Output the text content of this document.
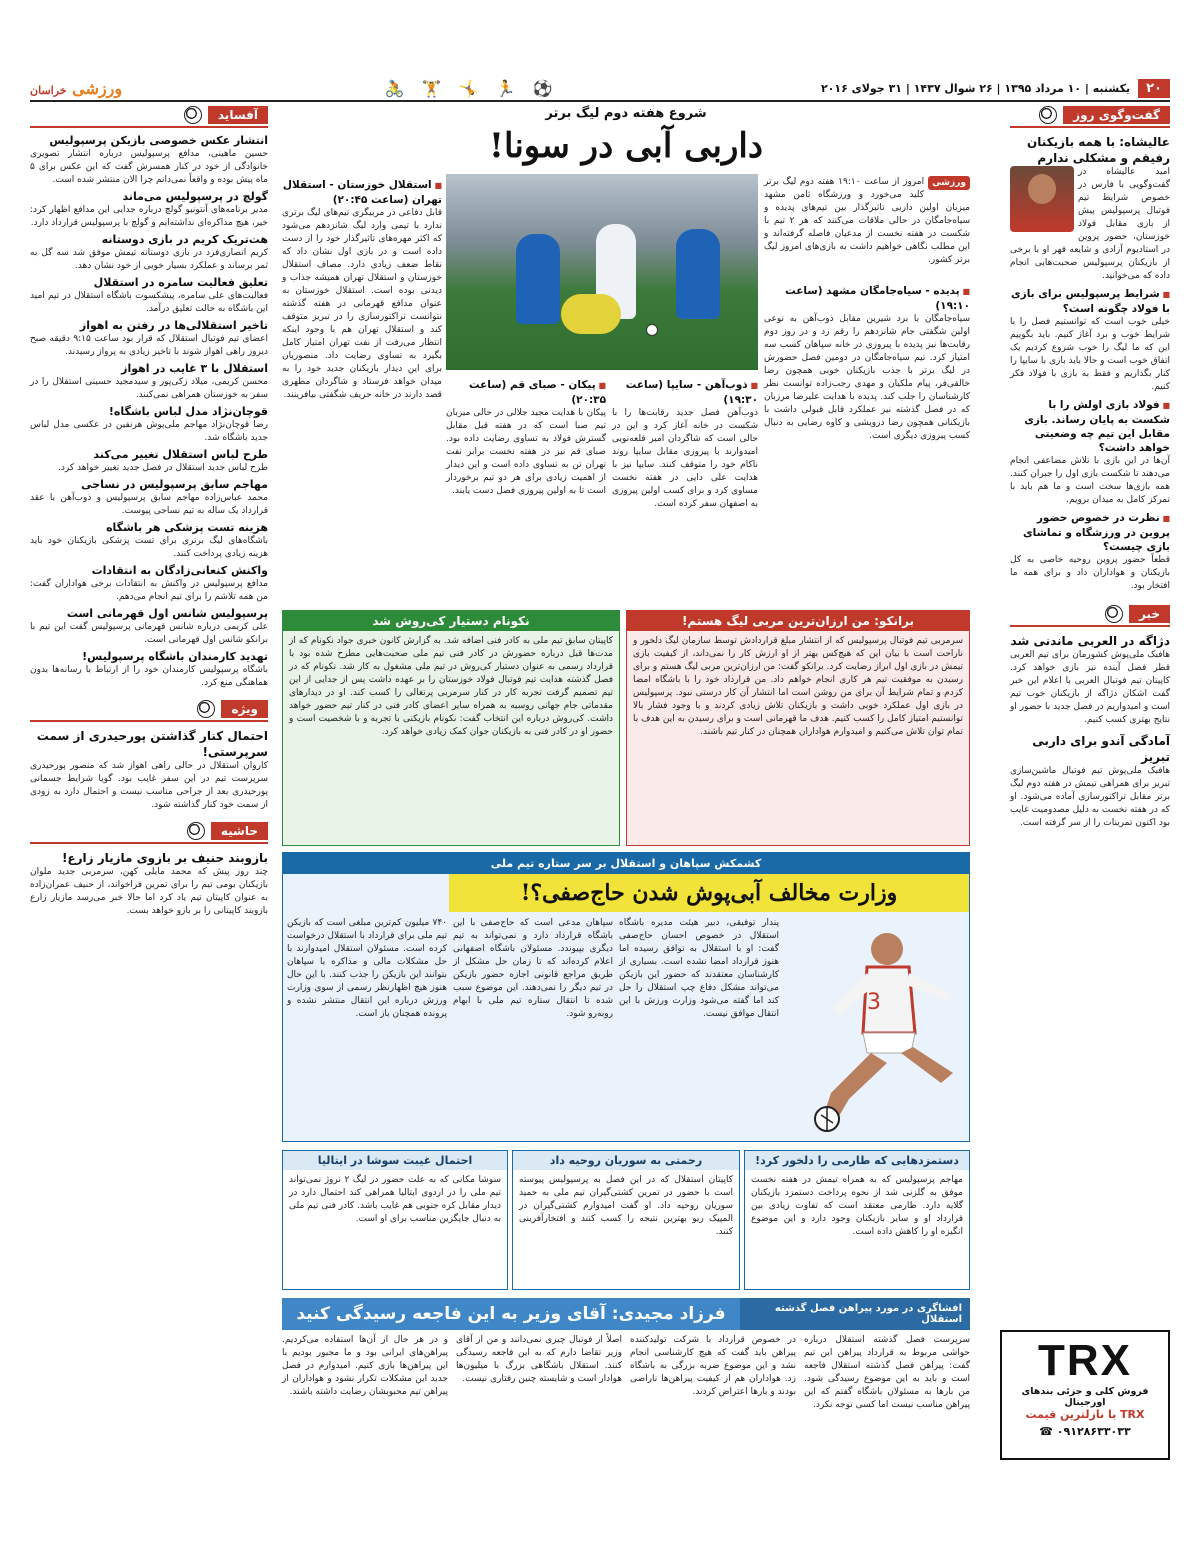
۲۰
یکشنبه | ۱۰ مرداد ۱۳۹۵ | ۲۶ شوال ۱۴۳۷ | ۳۱ جولای ۲۰۱۶
⚽ 🏃 🤸 🏋 🚴
ورزشی خراسان
گفت‌وگوی روز
عالیشاه: با همه بازیکنان رفیقم و مشکلی ندارم
امید عالیشاه در گفت‌وگویی با فارس در خصوص شرایط تیم فوتبال پرسپولیس پیش از بازی مقابل فولاد خوزستان، حضور پروین در استادیوم آزادی و شایعه قهر او با برخی از بازیکنان پرسپولیس صحبت‌هایی انجام داده که می‌خوانید.
■ شرایط پرسپولیس برای بازی با فولاد چگونه است؟
خیلی خوب است که توانستیم فصل را با شرایط خوب و برد آغاز کنیم. باید بگوییم این که ما لیگ را خوب شروع کردیم یک اتفاق خوب است و حالا باید بازی با سایپا را کنار بگذاریم و فقط به بازی با فولاد فکر کنیم.
■ فولاد بازی اولش را با شکست به پایان رساند. بازی مقابل این تیم چه وضعیتی خواهد داشت؟
آن‌ها در این بازی با تلاش مضاعفی انجام می‌دهند تا شکست بازی اول را جبران کنند. همه بازی‌ها سخت است و ما هم باید با تمرکز کامل به میدان برویم.
■ نظرت در خصوص حضور پروین در ورزشگاه و تماشای بازی چیست؟
قطعاً حضور پروین روحیه خاصی به کل بازیکنان و هواداران داد و برای همه ما افتخار بود.
خبر
دژاگه در العربی ماندنی شد
هافبک ملی‌پوش کشورمان برای تیم العربی قطر فصل آینده نیز بازی خواهد کرد. کاپیتان تیم فوتبال العربی با اعلام این خبر گفت اشکان دژاگه از بازیکنان خوب تیم است و امیدواریم در فصل جدید با حضور او نتایج بهتری کسب کنیم.
آمادگی آندو برای داربی تبریز
هافبک ملی‌پوش تیم فوتبال ماشین‌سازی تبریز برای همراهی تیمش در هفته دوم لیگ برتر مقابل تراکتورسازی آماده می‌شود. او که در هفته نخست به دلیل مصدومیت غایب بود اکنون تمرینات را از سر گرفته است.
TRX
فروش کلی و جزئی بندهای اورجینال
TRX با نازلترین قیمت
☎ ۰۹۱۲۸۶۳۳۰۳۳
آفساید
انتشار عکس خصوصی بازیکن پرسپولیس
حسین ماهینی، مدافع پرسپولیس درباره انتشار تصویری خانوادگی از خود در کنار همسرش گفت که این عکس برای ۵ ماه پیش بوده و واقعاً نمی‌دانم چرا الان منتشر شده است.
گولچ در پرسپولیس می‌ماند
مدیر برنامه‌های آنتونیو گولچ درباره جدایی این مدافع اظهار کرد: خیر، هیچ مذاکره‌ای نداشته‌ایم و گولچ با پرسپولیس قرارداد دارد.
هت‌تریک کریم در بازی دوستانه
کریم انصاری‌فرد در بازی دوستانه تیمش موفق شد سه گل به ثمر برساند و عملکرد بسیار خوبی از خود نشان دهد.
تعلیق فعالیت سامره در استقلال
فعالیت‌های علی سامره، پیشکسوت باشگاه استقلال در تیم امید این باشگاه به حالت تعلیق درآمد.
تاخیر استقلالی‌ها در رفتن به اهواز
اعضای تیم فوتبال استقلال که قرار بود ساعت ۹:۱۵ دقیقه صبح دیروز راهی اهواز شوند با تاخیر زیادی به پرواز رسیدند.
استقلال با ۳ غایب در اهواز
محسن کریمی، میلاد زکی‌پور و سیدمجید حسینی استقلال را در سفر به خوزستان همراهی نمی‌کنند.
قوچان‌نژاد مدل لباس باشگاه!
رضا قوچان‌نژاد مهاجم ملی‌پوش هرنفین در عکسی مدل لباس جدید باشگاه شد.
طرح لباس استقلال تغییر می‌کند
طرح لباس جدید استقلال در فصل جدید تغییر خواهد کرد.
مهاجم سابق پرسپولیس در نساجی
محمد عباس‌زاده مهاجم سابق پرسپولیس و ذوب‌آهن با عقد قرارداد یک ساله به تیم نساجی پیوست.
هزینه تست پزشکی هر باشگاه
باشگاه‌های لیگ برتری برای تست پزشکی بازیکنان خود باید هزینه زیادی پرداخت کنند.
واکنش کنعانی‌زادگان به انتقادات
مدافع پرسپولیس در واکنش به انتقادات برخی هواداران گفت: من همه تلاشم را برای تیم انجام می‌دهم.
پرسپولیس شانس اول قهرمانی است
علی کریمی درباره شانس قهرمانی پرسپولیس گفت این تیم با برانکو شانس اول قهرمانی است.
تهدید کارمندان باشگاه پرسپولیس!
باشگاه پرسپولیس کارمندان خود را از ارتباط با رسانه‌ها بدون هماهنگی منع کرد.
ویژه
احتمال کنار گذاشتن پورحیدری از سمت سرپرستی!
کاروان استقلال در حالی راهی اهواز شد که منصور پورحیدری سرپرست تیم در این سفر غایب بود. گویا شرایط جسمانی پورحیدری بعد از جراحی مناسب نیست و احتمال دارد به زودی از سمت خود کنار گذاشته شود.
حاشیه
بازوبند حنیف بر بازوی مازیار زارع!
چند روز پیش که محمد مایلی کهن، سرمربی جدید ملوان بازیکنان بومی تیم را برای تمرین فراخواند، از حنیف عمران‌زاده به عنوان کاپیتان تیم یاد کرد اما حالا خبر می‌رسد مازیار زارع بازوبند کاپیتانی را بر بازو خواهد بست.
شروع هفته دوم لیگ برتر
داربی آبی در سونا!
ورزشی
امروز از ساعت ۱۹:۱۰ هفته دوم لیگ برتر کلید می‌خورد و ورزشگاه ثامن مشهد میزبان اولین داربی تاثیرگذار بین تیم‌های پدیده و سیاه‌جامگان در حالی ملاقات می‌کنند که هر ۲ تیم با شکست در هفته نخست از مدعیان فاصله گرفته‌اند و این مطلب نگاهی خواهیم داشت به بازی‌های امروز لیگ برتر کشور.
■ پدیده - سیاه‌جامگان مشهد (ساعت ۱۹:۱۰)
سیاه‌جامگان با برد شیرین مقابل ذوب‌آهن به نوعی اولین شگفتی جام شانزدهم را رقم زد و در روز دوم رقابت‌ها نیز پدیده با پیروزی در خانه سپاهان کسب سه امتیاز کرد. تیم سیاه‌جامگان در دومین فصل حضورش در لیگ برتر با جذب بازیکنان خوبی همچون رضا خالقی‌فر، پیام ملکیان و مهدی رجب‌زاده توانست نظر کارشناسان را جلب کند. پدیده با هدایت علیرضا مرزبان که در فصل گذشته نیز عملکرد قابل قبولی داشت با بازیکنانی همچون رضا درویشی و کاوه رضایی به دنبال کسب پیروزی دیگری است.
■ ذوب‌آهن - سایپا (ساعت ۱۹:۳۰)
ذوب‌آهن فصل جدید رقابت‌ها را با شکست در خانه آغاز کرد و این در حالی است که شاگردان امیر قلعه‌نویی امیدوارند با پیروزی مقابل سایپا روند ناکام خود را متوقف کنند. سایپا نیز با هدایت علی دایی در هفته نخست مساوی کرد و برای کسب اولین پیروزی به اصفهان سفر کرده است.
■ پیکان - صبای قم (ساعت ۲۰:۳۵)
پیکان با هدایت مجید جلالی در حالی میزبان تیم صبا است که در هفته قبل مقابل گسترش فولاد به تساوی رضایت داده بود. صبای قم نیز در هفته نخست برابر نفت تهران تن به تساوی داده است و این دیدار از اهمیت زیادی برای هر دو تیم برخوردار است تا به اولین پیروزی فصل دست یابند.
■ استقلال خوزستان - استقلال تهران (ساعت ۲۰:۴۵)
قابل دفاعی در مربیگری تیم‌های لیگ برتری ندارد با تیمی وارد لیگ شانزدهم می‌شود که اکثر مهره‌های تاثیرگذار خود را از دست داده است و در بازی اول نشان داد که نقاط ضعف زیادی دارد. مصاف استقلال خوزستان و استقلال تهران همیشه جذاب و دیدنی بوده است. استقلال خوزستان به عنوان مدافع قهرمانی در هفته گذشته نتوانست تراکتورسازی را در تبریز متوقف کند و استقلال تهران هم با وجود اینکه انتظار می‌رفت از نفت تهران امتیاز کامل بگیرد به تساوی رضایت داد. منصوریان برای این دیدار بازیکنان جدید خود را به میدان خواهد فرستاد و شاگردان مطهری قصد دارند در خانه حریف شگفتی بیافرینند.
برانکو: من ارزان‌ترین مربی لیگ هستم!
سرمربی تیم فوتبال پرسپولیس که از انتشار مبلغ قراردادش توسط سازمان لیگ دلخور و ناراحت است با بیان این که هیچ‌کس بهتر از او ارزش کار را نمی‌داند، از کیفیت بازی تیمش در بازی اول ابراز رضایت کرد. برانکو گفت: من ارزان‌ترین مربی لیگ هستم و برای رسیدن به موفقیت تیم هر کاری انجام خواهم داد. من قرارداد خود را با باشگاه امضا کردم و تمام شرایط آن برای من روشن است اما انتشار آن کار درستی نبود. پرسپولیس در بازی اول عملکرد خوبی داشت و بازیکنان تلاش زیادی کردند و با وجود فشار بالا توانستیم امتیاز کامل را کسب کنیم. هدف ما قهرمانی است و برای رسیدن به این هدف با تمام توان تلاش می‌کنیم و امیدوارم هواداران همچنان در کنار تیم باشند.
نکونام دستیار کی‌روش شد
کاپیتان سابق تیم ملی به کادر فنی اضافه شد. به گزارش کانون خبری جواد نکونام که از مدت‌ها قبل درباره حضورش در کادر فنی تیم ملی صحبت‌هایی مطرح شده بود با قرارداد رسمی به عنوان دستیار کی‌روش در تیم ملی مشغول به کار شد. نکونام که در فصل گذشته هدایت تیم فوتبال فولاد خوزستان را بر عهده داشت پس از جدایی از این تیم تصمیم گرفت تجربه کار در کنار سرمربی پرتغالی را کسب کند. او در دیدارهای مقدماتی جام جهانی روسیه به همراه سایر اعضای کادر فنی در کنار تیم حضور خواهد داشت. کی‌روش درباره این انتخاب گفت: نکونام بازیکنی با تجربه و با شخصیت است و حضور او در کادر فنی به بازیکنان جوان کمک زیادی خواهد کرد.
کشمکش سپاهان و استقلال بر سر ستاره تیم ملی
وزارت مخالف آبی‌پوش شدن حاج‌صفی؟!
3
پندار توفیقی، دبیر هیئت مدیره باشگاه استقلال در خصوص احسان حاج‌صفی گفت: او با استقلال به توافق رسیده اما هنوز قرارداد امضا نشده است. بسیاری از کارشناسان معتقدند که حضور این بازیکن می‌تواند مشکل دفاع چپ استقلال را حل کند اما گفته می‌شود وزارت ورزش با این انتقال موافق نیست.
سپاهان مدعی است که حاج‌صفی با این باشگاه قرارداد دارد و نمی‌تواند به تیم دیگری بپیوندد. مسئولان باشگاه اصفهانی اعلام کرده‌اند که تا زمان حل مشکل از طریق مراجع قانونی اجازه حضور بازیکن در تیم دیگر را نمی‌دهند. این موضوع سبب شده تا انتقال ستاره تیم ملی با ابهام روبه‌رو شود.
۷۴۰ میلیون کم‌ترین مبلغی است که بازیکن تیم ملی برای قرارداد با استقلال درخواست کرده است. مسئولان استقلال امیدوارند با حل مشکلات مالی و مذاکره با سپاهان بتوانند این بازیکن را جذب کنند. با این حال هنوز هیچ اظهارنظر رسمی از سوی وزارت ورزش درباره این انتقال منتشر نشده و پرونده همچنان باز است.
دستمزدهایی که طارمی را دلخور کرد!
مهاجم پرسپولیس که به همراه تیمش در هفته نخست موفق به گلزنی شد از نحوه پرداخت دستمزد بازیکنان گلایه دارد. طارمی معتقد است که تفاوت زیادی بین قرارداد او و سایر بازیکنان وجود دارد و این موضوع انگیزه او را کاهش داده است.
رحمتی به سوریان روحیه داد
کاپیتان استقلال که در این فصل به پرسپولیس پیوسته است با حضور در تمرین کشتی‌گیران تیم ملی به حمید سوریان روحیه داد. او گفت امیدوارم کشتی‌گیران در المپیک ریو بهترین نتیجه را کسب کنند و افتخارآفرینی کنند.
احتمال غیبت سوشا در ایتالیا
سوشا مکانی که به علت حضور در لیگ ۲ نروژ نمی‌تواند تیم ملی را در اردوی ایتالیا همراهی کند احتمال دارد در دیدار مقابل کره جنوبی هم غایب باشد. کادر فنی تیم ملی به دنبال جایگزین مناسب برای او است.
افشاگری در مورد پیراهن فصل گذشته استقلال
فرزاد مجیدی: آقای وزیر به این فاجعه رسیدگی کنید
سرپرست فصل گذشته استقلال درباره حواشی مربوط به قرارداد پیراهن این تیم گفت: پیراهن فصل گذشته استقلال فاجعه است و باید به این موضوع رسیدگی شود. من بارها به مسئولان باشگاه گفتم که این پیراهن مناسب نیست اما کسی توجه نکرد.
در خصوص قرارداد با شرکت تولیدکننده پیراهن باید گفت که هیچ کارشناسی انجام نشد و این موضوع ضربه بزرگی به باشگاه زد. هواداران هم از کیفیت پیراهن‌ها ناراضی بودند و بارها اعتراض کردند.
اصلاً از فوتبال چیزی نمی‌دانند و من از آقای وزیر تقاضا دارم که به این فاجعه رسیدگی کنند. استقلال باشگاهی بزرگ با میلیون‌ها هوادار است و شایسته چنین رفتاری نیست.
و در هر حال از آن‌ها استفاده می‌کردیم. پیراهن‌های ایرانی بود و ما مجبور بودیم با این پیراهن‌ها بازی کنیم. امیدوارم در فصل جدید این مشکلات تکرار نشود و هواداران از پیراهن تیم محبوبشان رضایت داشته باشند.
